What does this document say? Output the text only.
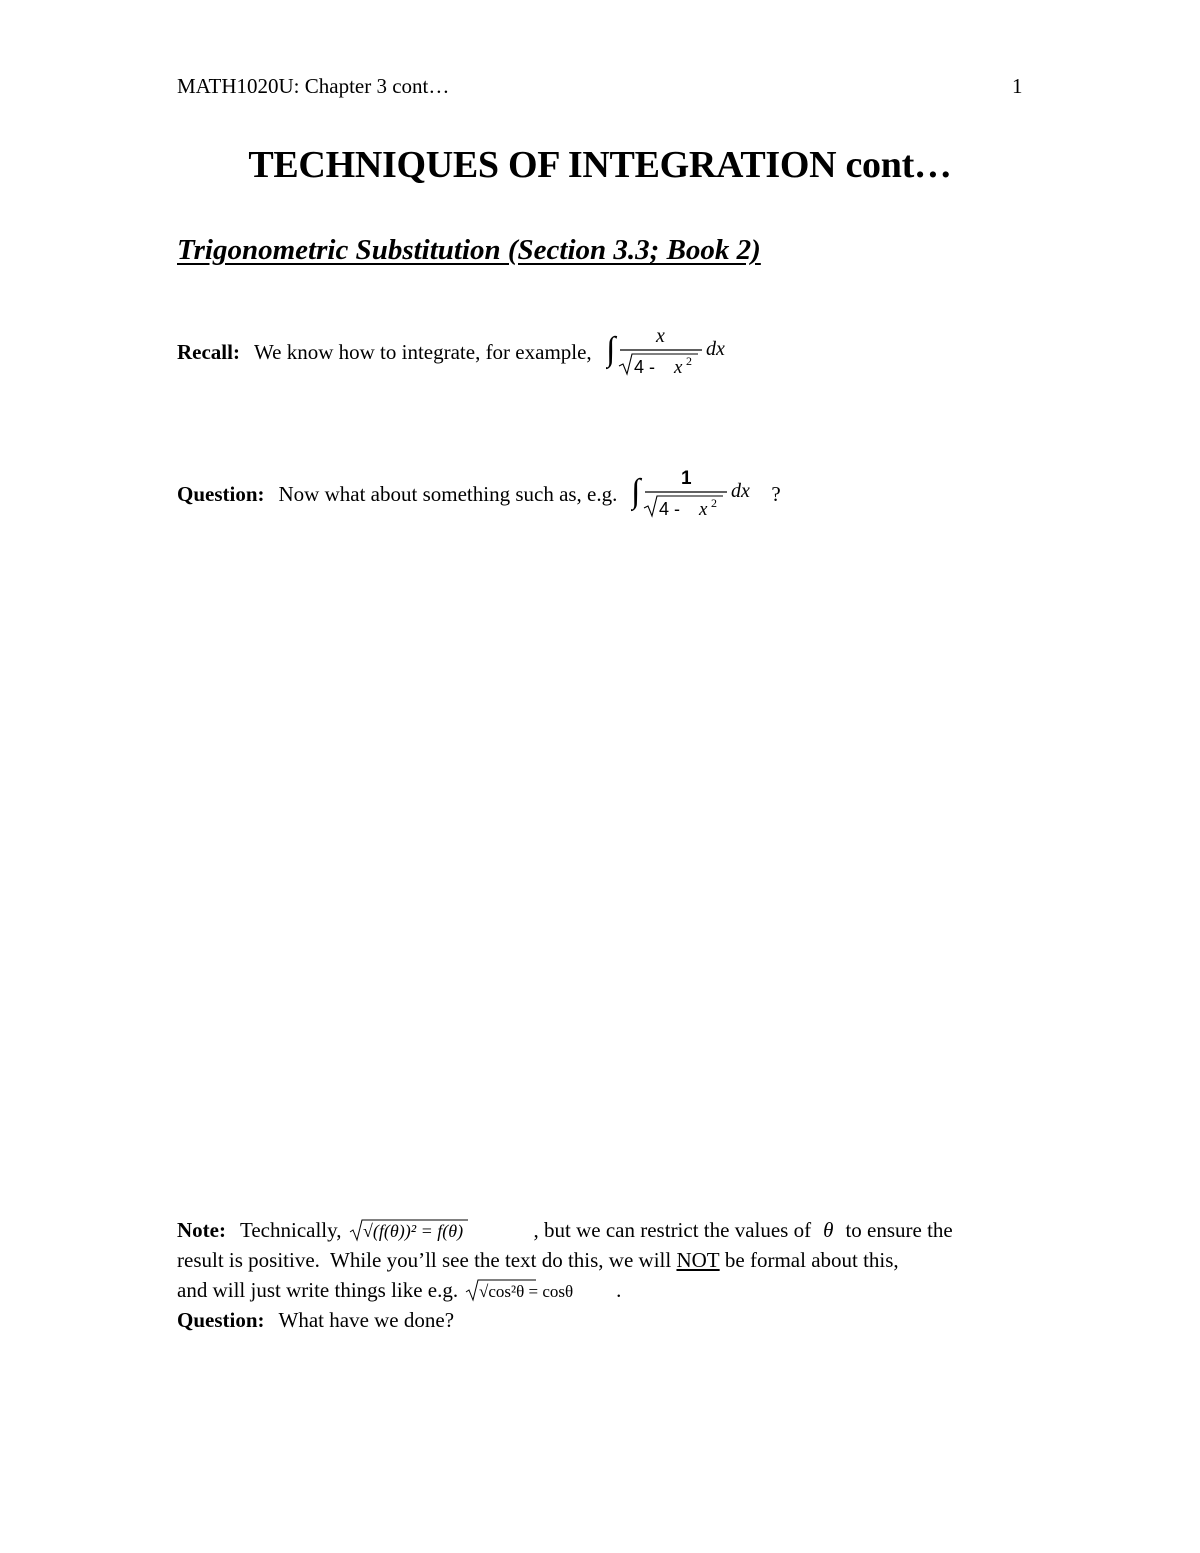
MATH1020U: Chapter 3 cont…	1
TECHNIQUES OF INTEGRATION cont…
Trigonometric Substitution (Section 3.3; Book 2)
Recall: We know how to integrate, for example, ∫ x
4 - x 2
dx
Question: Now what about something such as, e.g. ∫ 1
4 - x 2
dx ?
Note: Technically, √(f(θ))² = f(θ)	, but we can restrict the values of θ to ensure the
result is positive.  While you’ll see the text do this, we will NOT be formal about this,
and will just write things like e.g. √cos²θ = cosθ .
Question: What have we done?
